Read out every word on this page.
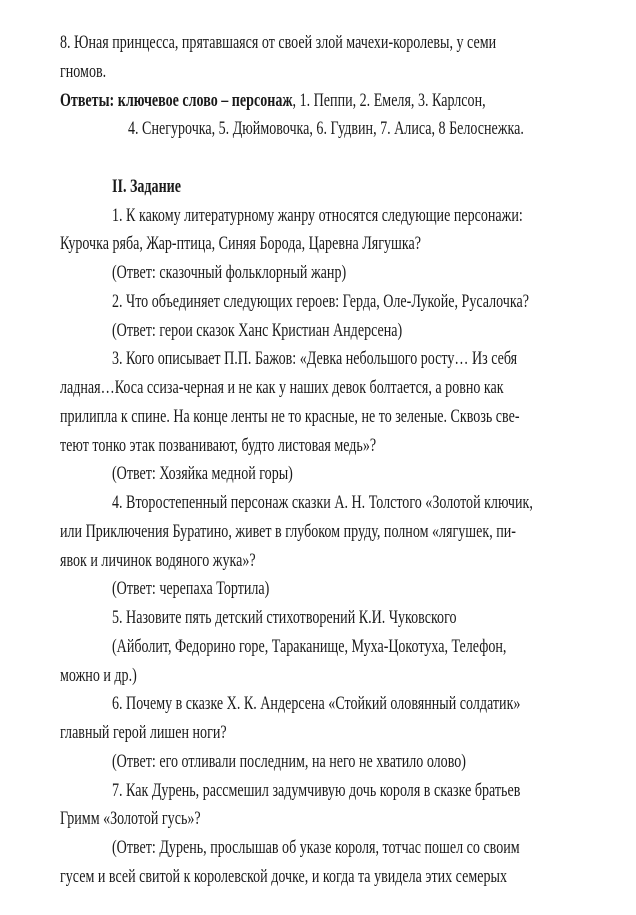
8. Юная принцесса, прятавшаяся от своей злой мачехи-королевы, у семи
гномов.
Ответы: ключевое слово – персонаж, 1. Пеппи, 2. Емеля, 3. Карлсон,
4. Снегурочка, 5. Дюймовочка, 6. Гудвин, 7. Алиса, 8 Белоснежка.
II. Задание
1. К какому литературному жанру относятся следующие персонажи:
Курочка ряба, Жар-птица, Синяя Борода, Царевна Лягушка?
(Ответ: сказочный фольклорный жанр)
2. Что объединяет следующих героев: Герда, Оле-Лукойе, Русалочка?
(Ответ: герои сказок Ханс Кристиан Андерсена)
3. Кого описывает П.П. Бажов: «Девка небольшого росту… Из себя
ладная…Коса ссиза-черная и не как у наших девок болтается, а ровно как
прилипла к спине. На конце ленты не то красные, не то зеленые. Сквозь све-
теют тонко этак позванивают, будто листовая медь»?
(Ответ: Хозяйка медной горы)
4. Второстепенный персонаж сказки А. Н. Толстого «Золотой ключик,
или Приключения Буратино, живет в глубоком пруду, полном «лягушек, пи-
явок и личинок водяного жука»?
(Ответ: черепаха Тортила)
5. Назовите пять детский стихотворений К.И. Чуковского
(Айболит, Федорино горе, Тараканище, Муха-Цокотуха, Телефон,
можно и др.)
6. Почему в сказке Х. К. Андерсена «Стойкий оловянный солдатик»
главный герой лишен ноги?
(Ответ: его отливали последним, на него не хватило олово)
7. Как Дурень, рассмешил задумчивую дочь короля в сказке братьев
Гримм «Золотой гусь»?
(Ответ: Дурень, прослышав об указе короля, тотчас пошел со своим
гусем и всей свитой к королевской дочке, и когда та увидела этих семерых
